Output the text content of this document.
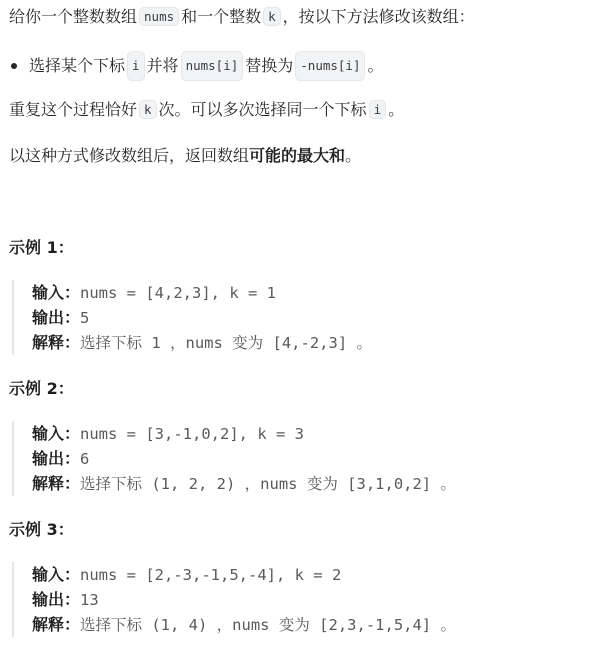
给你一个整数数组 nums 和一个整数 k ，按以下方法修改该数组：

选择某个下标 i 并将 nums[i] 替换为 -nums[i] 。

重复这个过程恰好 k 次。可以多次选择同一个下标 i 。

以这种方式修改数组后，返回数组可能的最大和。

示例 1：
输入：nums = [4,2,3], k = 1
输出：5
解释：选择下标 1 ，nums 变为 [4,-2,3] 。
示例 2：
输入：nums = [3,-1,0,2], k = 3
输出：6
解释：选择下标 (1, 2, 2) ，nums 变为 [3,1,0,2] 。
示例 3：
输入：nums = [2,-3,-1,5,-4], k = 2
输出：13
解释：选择下标 (1, 4) ，nums 变为 [2,3,-1,5,4] 。
